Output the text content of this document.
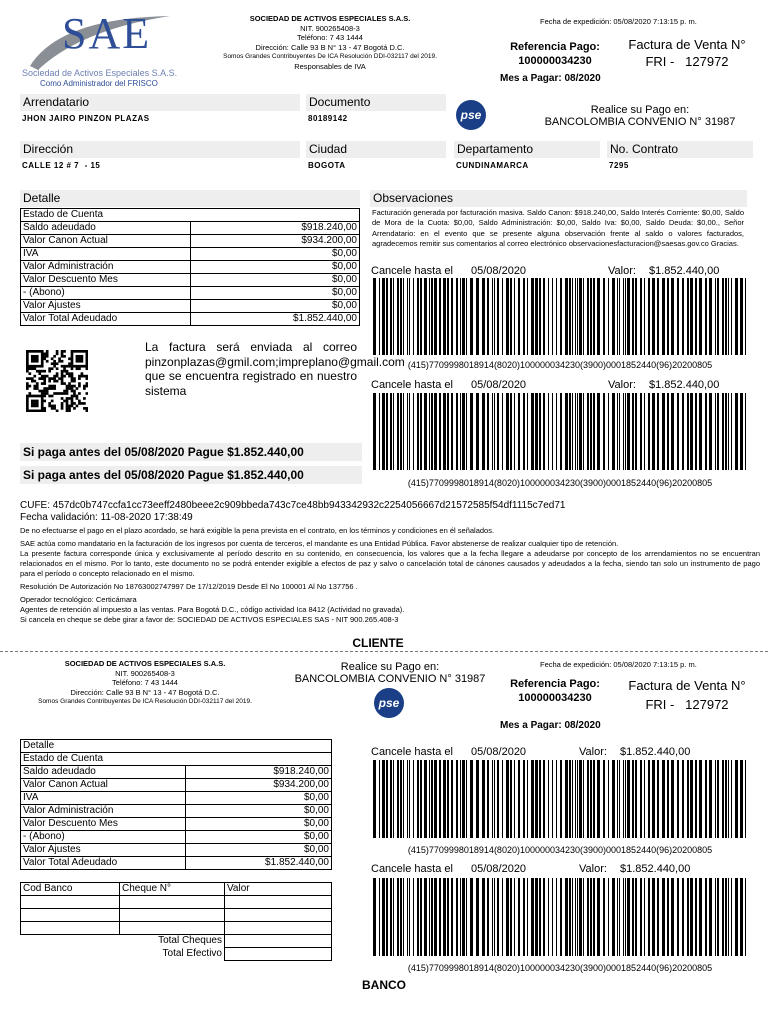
SAE
Sociedad de Activos Especiales S.A.S.
Como Administrador del FRISCO
SOCIEDAD DE ACTIVOS ESPECIALES S.A.S.
NIT. 900265408-3
Teléfono: 7 43 1444
Dirección: Calle 93 B N° 13 - 47 Bogotá D.C.
Somos Grandes Contribuyentes De ICA Resolución DDI-032117 del 2019.
Responsables de IVA
Fecha de expedición: 05/08/2020 7:13:15 p. m.
Referencia Pago:
100000034230
Factura de Venta N°
FRI -   127972
Mes a Pagar: 08/2020
Arrendatario
JHON JAIRO PINZON PLAZAS
Documento
80189142	pse	Realice su Pago en:
BANCOLOMBIA CONVENIO N° 31987
Dirección
CALLE 12 # 7  - 15
Ciudad
BOGOTA
Departamento
CUNDINAMARCA
No. Contrato
7295
Detalle
Estado de Cuenta	
Saldo adeudado	$918.240,00
Valor Canon Actual	$934.200,00
IVA	$0,00
Valor Administración	$0,00
Valor Descuento Mes	$0,00
- (Abono)	$0,00
Valor Ajustes	$0,00
Valor Total Adeudado	$1.852.440,00
La factura será enviada al correo pinzonplazas@gmil.com;impreplano@gmail.com que se encuentra registrado en nuestro sistema
Si paga antes del 05/08/2020 Pague $1.852.440,00
Si paga antes del 05/08/2020 Pague $1.852.440,00
Observaciones
Facturación generada por facturación masiva. Saldo Canon: $918.240,00, Saldo Interés Corriente: $0,00, Saldo de Mora de la Cuota: $0,00, Saldo Administración: $0,00, Saldo Iva: $0,00, Saldo Deuda: $0,00., Señor Arrendatario: en el evento que se presente alguna observación frente al saldo o valores facturados, agradecemos remitir sus comentarios al correo electrónico observacionesfacturacion@saesas.gov.co Gracias.
Cancele hasta el 05/08/2020	Valor: $1.852.440,00
(415)7709998018914(8020)100000034230(3900)0001852440(96)20200805
Cancele hasta el 05/08/2020	Valor: $1.852.440,00
(415)7709998018914(8020)100000034230(3900)0001852440(96)20200805
CUFE: 457dc0b747ccfa1cc73eeff2480beee2c909bbeda743c7ce48bb943342932c2254056667d21572585f54df1115c7ed71
Fecha validación: 11-08-2020 17:38:49
De no efectuarse el pago en el plazo acordado, se hará exigible la pena prevista en el contrato, en los términos y condiciones en él señalados.
SAE actúa como mandatario en la facturación de los ingresos por cuenta de terceros, el mandante es una Entidad Pública. Favor abstenerse de realizar cualquier tipo de retención.
La presente factura corresponde única y exclusivamente al período descrito en su contenido, en consecuencia, los valores que a la fecha llegare a adeudarse por concepto de los arrendamientos no se encuentran relacionados en el mismo. Por lo tanto, este documento no se podrá entender exigible a efectos de paz y salvo o cancelación total de cánones causados y adeudados a la fecha, siendo tan solo un instrumento de pago para el período o concepto relacionado en el mismo.
Resolución De Autorización No 18763002747997 De 17/12/2019 Desde El No 100001 Al No 137756 .
Operador tecnológico: Certicámara
Agentes de retención al impuesto a las ventas. Para Bogotá D.C., código actividad Ica 8412 (Actividad no gravada).
Si cancela en cheque se debe girar a favor de: SOCIEDAD DE ACTIVOS ESPECIALES SAS - NIT 900.265.408-3
CLIENTE
SOCIEDAD DE ACTIVOS ESPECIALES S.A.S.
NIT. 900265408-3
Teléfono: 7 43 1444
Dirección: Calle 93 B N° 13 - 47 Bogotá D.C.
Somos Grandes Contribuyentes De ICA Resolución DDI-032117 del 2019.
Realice su Pago en:
BANCOLOMBIA CONVENIO N° 31987
pse
Fecha de expedición: 05/08/2020 7:13:15 p. m.
Referencia Pago:
100000034230
Factura de Venta N°
FRI -   127972
Mes a Pagar: 08/2020
Detalle	
Estado de Cuenta	
Saldo adeudado	$918.240,00
Valor Canon Actual	$934.200,00
IVA	$0,00
Valor Administración	$0,00
Valor Descuento Mes	$0,00
- (Abono)	$0,00
Valor Ajustes	$0,00
Valor Total Adeudado	$1.852.440,00
Cod Banco	Cheque N°	Valor

Total Cheques		
Total Efectivo		
Cancele hasta el 05/08/2020	Valor: $1.852.440,00
(415)7709998018914(8020)100000034230(3900)0001852440(96)20200805
Cancele hasta el 05/08/2020	Valor: $1.852.440,00
(415)7709998018914(8020)100000034230(3900)0001852440(96)20200805
BANCO
